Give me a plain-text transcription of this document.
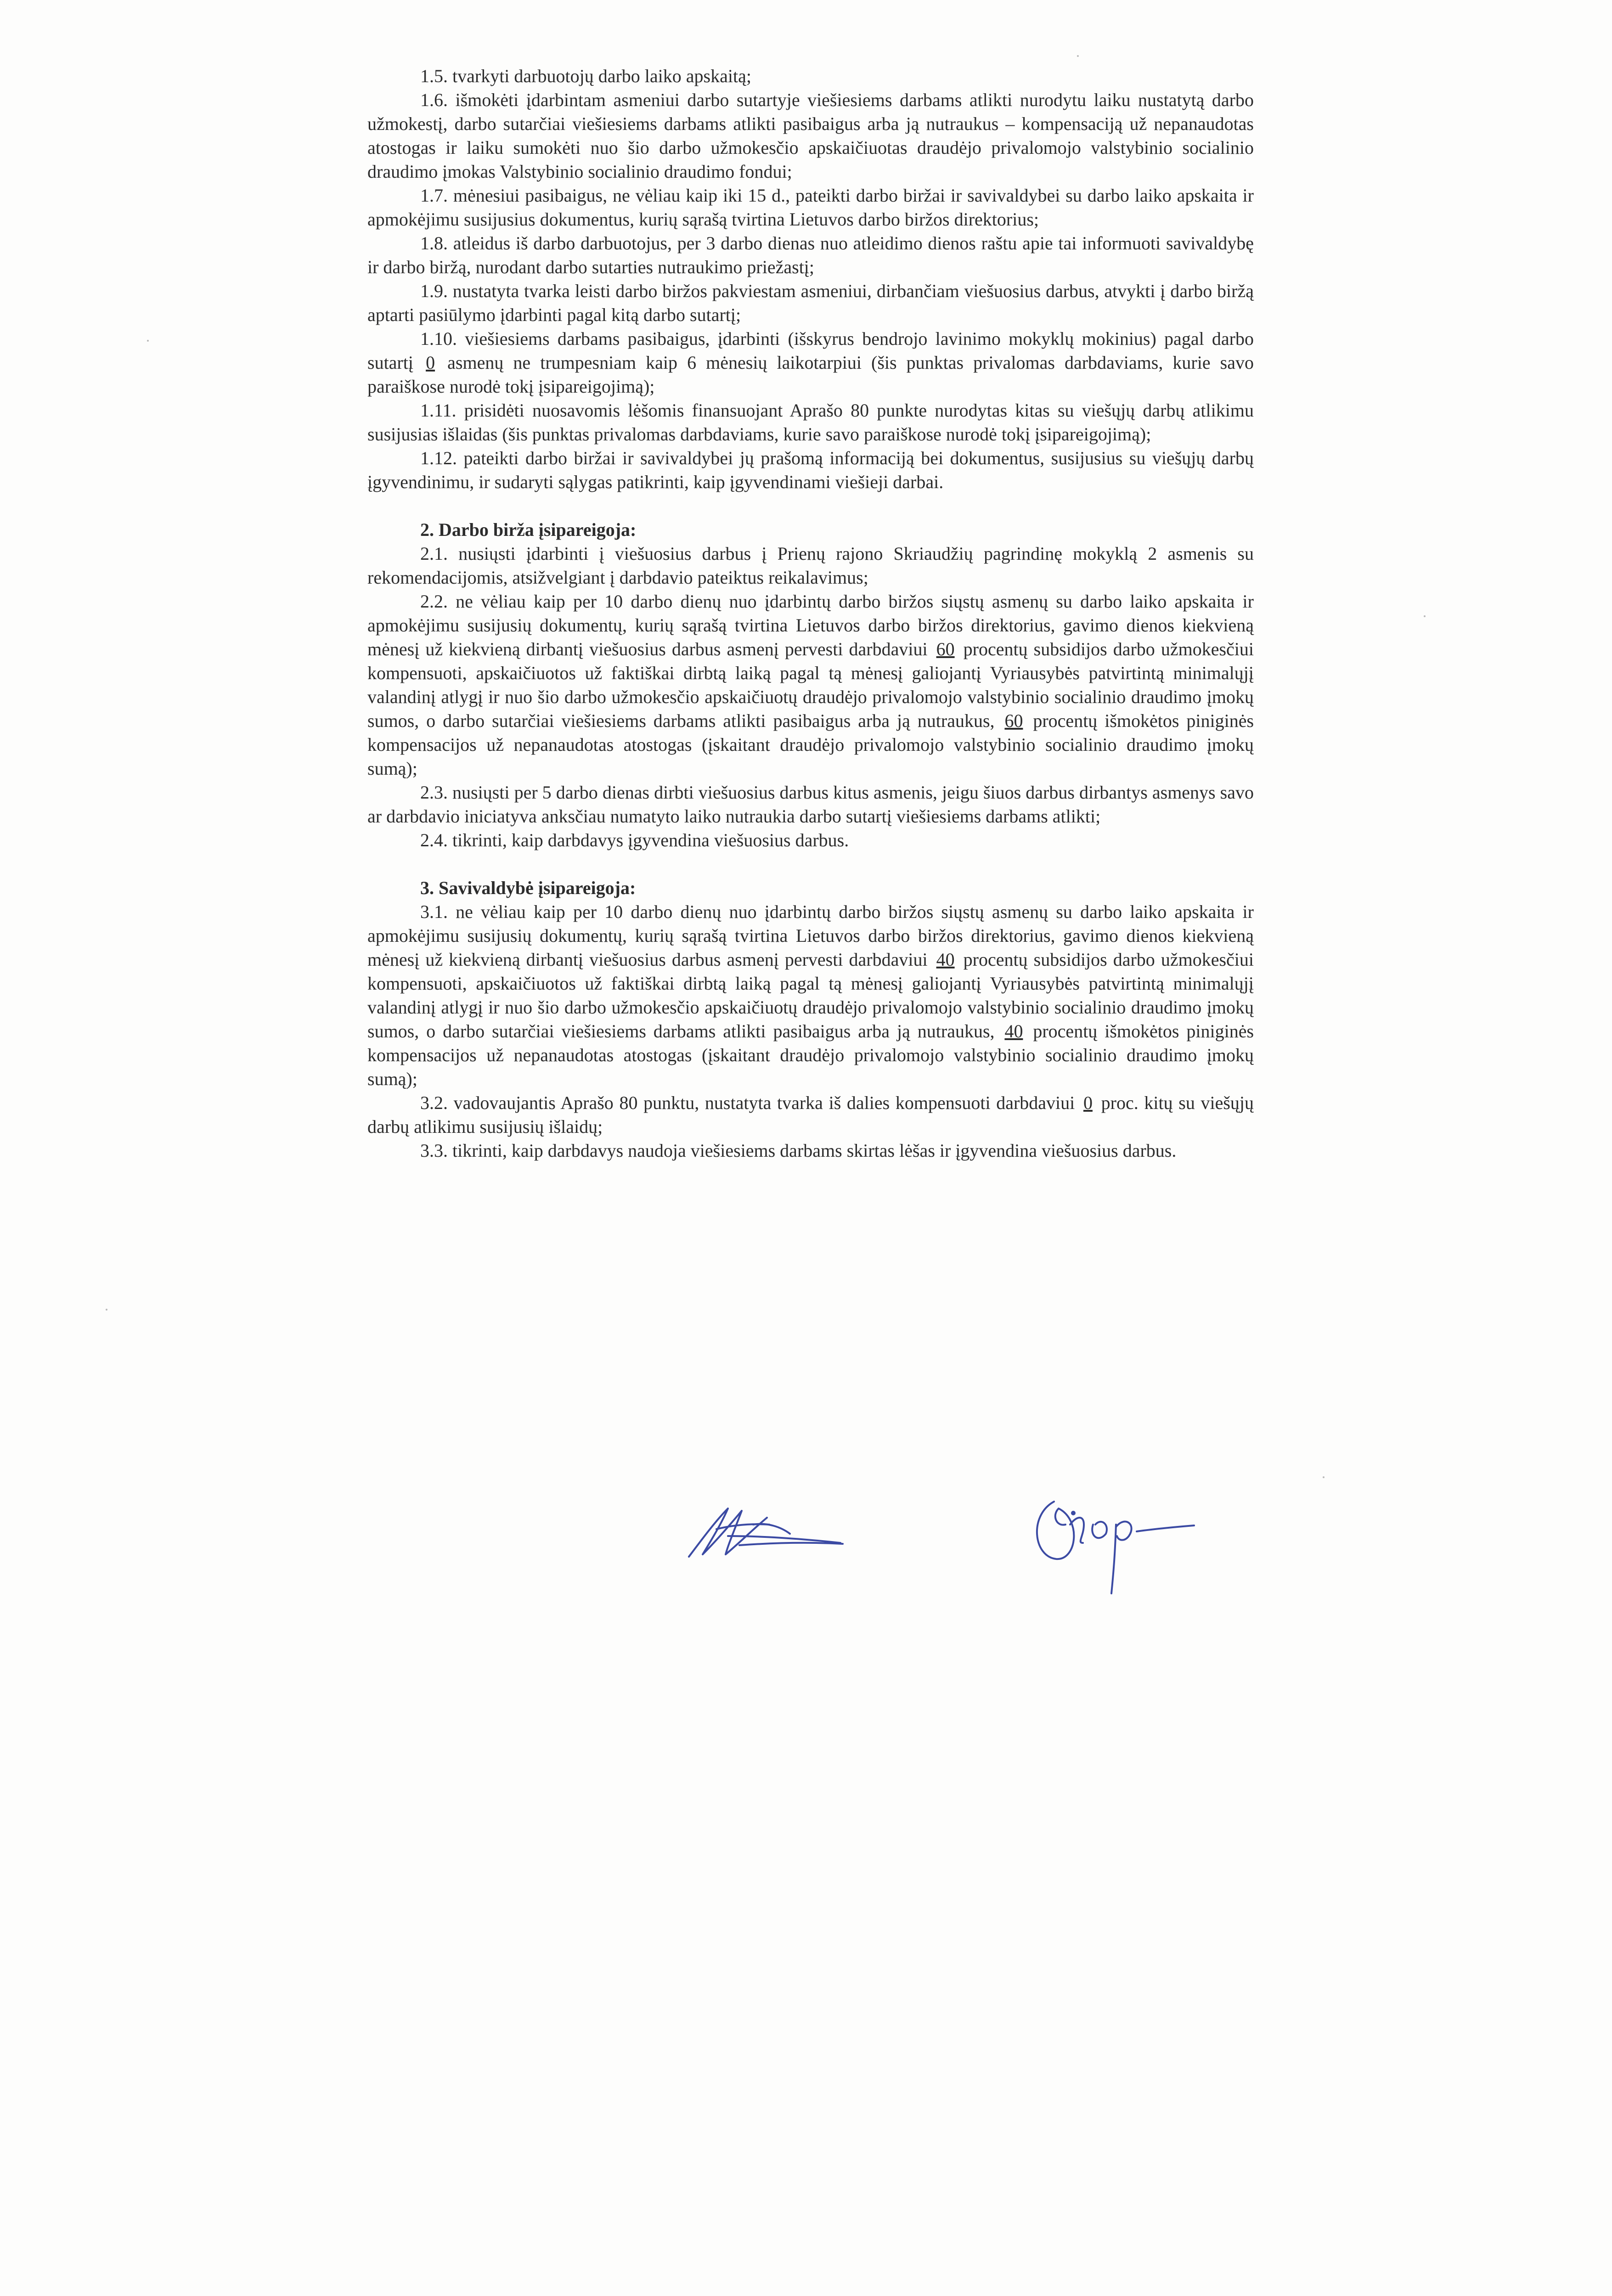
1.5. tvarkyti darbuotojų darbo laiko apskaitą;

1.6. išmokėti įdarbintam asmeniui darbo sutartyje viešiesiems darbams atlikti nurodytu laiku nustatytą darbo užmokestį, darbo sutarčiai viešiesiems darbams atlikti pasibaigus arba ją nutraukus – kompensaciją už nepanaudotas atostogas ir laiku sumokėti nuo šio darbo užmokesčio apskaičiuotas draudėjo privalomojo valstybinio socialinio draudimo įmokas Valstybinio socialinio draudimo fondui;

1.7. mėnesiui pasibaigus, ne vėliau kaip iki 15 d., pateikti darbo biržai ir savivaldybei su darbo laiko apskaita ir apmokėjimu susijusius dokumentus, kurių sąrašą tvirtina Lietuvos darbo biržos direktorius;

1.8. atleidus iš darbo darbuotojus, per 3 darbo dienas nuo atleidimo dienos raštu apie tai informuoti savivaldybę ir darbo biržą, nurodant darbo sutarties nutraukimo priežastį;

1.9. nustatyta tvarka leisti darbo biržos pakviestam asmeniui, dirbančiam viešuosius darbus, atvykti į darbo biržą aptarti pasiūlymo įdarbinti pagal kitą darbo sutartį;

1.10. viešiesiems darbams pasibaigus, įdarbinti (išskyrus bendrojo lavinimo mokyklų mokinius) pagal darbo sutartį 0 asmenų ne trumpesniam kaip 6 mėnesių laikotarpiui (šis punktas privalomas darbdaviams, kurie savo paraiškose nurodė tokį įsipareigojimą);

1.11. prisidėti nuosavomis lėšomis finansuojant Aprašo 80 punkte nurodytas kitas su viešųjų darbų atlikimu susijusias išlaidas (šis punktas privalomas darbdaviams, kurie savo paraiškose nurodė tokį įsipareigojimą);

1.12. pateikti darbo biržai ir savivaldybei jų prašomą informaciją bei dokumentus, susijusius su viešųjų darbų įgyvendinimu, ir sudaryti sąlygas patikrinti, kaip įgyvendinami viešieji darbai.

2. Darbo birža įsipareigoja:

2.1. nusiųsti įdarbinti į viešuosius darbus į Prienų rajono Skriaudžių pagrindinę mokyklą 2 asmenis su rekomendacijomis, atsižvelgiant į darbdavio pateiktus reikalavimus;

2.2. ne vėliau kaip per 10 darbo dienų nuo įdarbintų darbo biržos siųstų asmenų su darbo laiko apskaita ir apmokėjimu susijusių dokumentų, kurių sąrašą tvirtina Lietuvos darbo biržos direktorius, gavimo dienos kiekvieną mėnesį už kiekvieną dirbantį viešuosius darbus asmenį pervesti darbdaviui 60 procentų subsidijos darbo užmokesčiui kompensuoti, apskaičiuotos už faktiškai dirbtą laiką pagal tą mėnesį galiojantį Vyriausybės patvirtintą minimalųjį valandinį atlygį ir nuo šio darbo užmokesčio apskaičiuotų draudėjo privalomojo valstybinio socialinio draudimo įmokų sumos, o darbo sutarčiai viešiesiems darbams atlikti pasibaigus arba ją nutraukus, 60 procentų išmokėtos piniginės kompensacijos už nepanaudotas atostogas (įskaitant draudėjo privalomojo valstybinio socialinio draudimo įmokų sumą);

2.3. nusiųsti per 5 darbo dienas dirbti viešuosius darbus kitus asmenis, jeigu šiuos darbus dirbantys asmenys savo ar darbdavio iniciatyva anksčiau numatyto laiko nutraukia darbo sutartį viešiesiems darbams atlikti;

2.4. tikrinti, kaip darbdavys įgyvendina viešuosius darbus.

3. Savivaldybė įsipareigoja:

3.1. ne vėliau kaip per 10 darbo dienų nuo įdarbintų darbo biržos siųstų asmenų su darbo laiko apskaita ir apmokėjimu susijusių dokumentų, kurių sąrašą tvirtina Lietuvos darbo biržos direktorius, gavimo dienos kiekvieną mėnesį už kiekvieną dirbantį viešuosius darbus asmenį pervesti darbdaviui 40 procentų subsidijos darbo užmokesčiui kompensuoti, apskaičiuotos už faktiškai dirbtą laiką pagal tą mėnesį galiojantį Vyriausybės patvirtintą minimalųjį valandinį atlygį ir nuo šio darbo užmokesčio apskaičiuotų draudėjo privalomojo valstybinio socialinio draudimo įmokų sumos, o darbo sutarčiai viešiesiems darbams atlikti pasibaigus arba ją nutraukus, 40 procentų išmokėtos piniginės kompensacijos už nepanaudotas atostogas (įskaitant draudėjo privalomojo valstybinio socialinio draudimo įmokų sumą);

3.2. vadovaujantis Aprašo 80 punktu, nustatyta tvarka iš dalies kompensuoti darbdaviui 0 proc. kitų su viešųjų darbų atlikimu susijusių išlaidų;

3.3. tikrinti, kaip darbdavys naudoja viešiesiems darbams skirtas lėšas ir įgyvendina viešuosius darbus.
